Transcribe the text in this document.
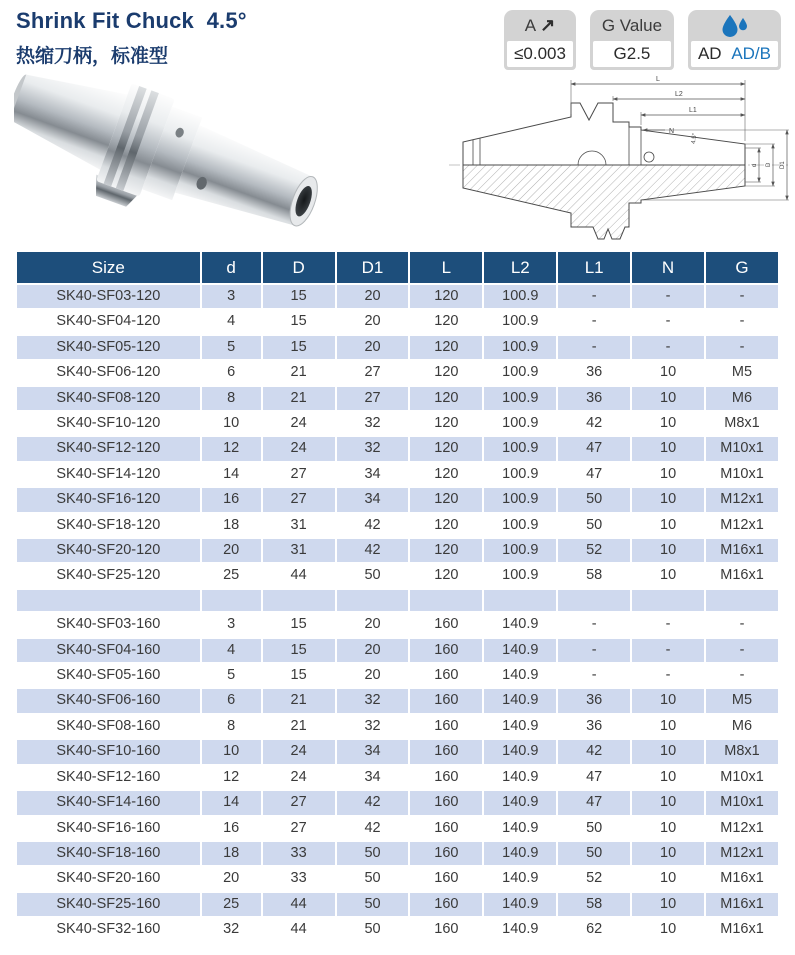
Shrink Fit Chuck  4.5°
热缩刀柄，标准型
A ↗
≤0.003
G Value
G2.5	AD AD/B
L
L2
L1
N
4.5°
d D D1
Size	d	D	D1	L	L2	L1	N	G
SK40-SF03-120	3	15	20	120	100.9	-	-	-
SK40-SF04-120	4	15	20	120	100.9	-	-	-
SK40-SF05-120	5	15	20	120	100.9	-	-	-
SK40-SF06-120	6	21	27	120	100.9	36	10	M5
SK40-SF08-120	8	21	27	120	100.9	36	10	M6
SK40-SF10-120	10	24	32	120	100.9	42	10	M8x1
SK40-SF12-120	12	24	32	120	100.9	47	10	M10x1
SK40-SF14-120	14	27	34	120	100.9	47	10	M10x1
SK40-SF16-120	16	27	34	120	100.9	50	10	M12x1
SK40-SF18-120	18	31	42	120	100.9	50	10	M12x1
SK40-SF20-120	20	31	42	120	100.9	52	10	M16x1
SK40-SF25-120	25	44	50	120	100.9	58	10	M16x1

SK40-SF03-160	3	15	20	160	140.9	-	-	-
SK40-SF04-160	4	15	20	160	140.9	-	-	-
SK40-SF05-160	5	15	20	160	140.9	-	-	-
SK40-SF06-160	6	21	32	160	140.9	36	10	M5
SK40-SF08-160	8	21	32	160	140.9	36	10	M6
SK40-SF10-160	10	24	34	160	140.9	42	10	M8x1
SK40-SF12-160	12	24	34	160	140.9	47	10	M10x1
SK40-SF14-160	14	27	42	160	140.9	47	10	M10x1
SK40-SF16-160	16	27	42	160	140.9	50	10	M12x1
SK40-SF18-160	18	33	50	160	140.9	50	10	M12x1
SK40-SF20-160	20	33	50	160	140.9	52	10	M16x1
SK40-SF25-160	25	44	50	160	140.9	58	10	M16x1
SK40-SF32-160	32	44	50	160	140.9	62	10	M16x1
